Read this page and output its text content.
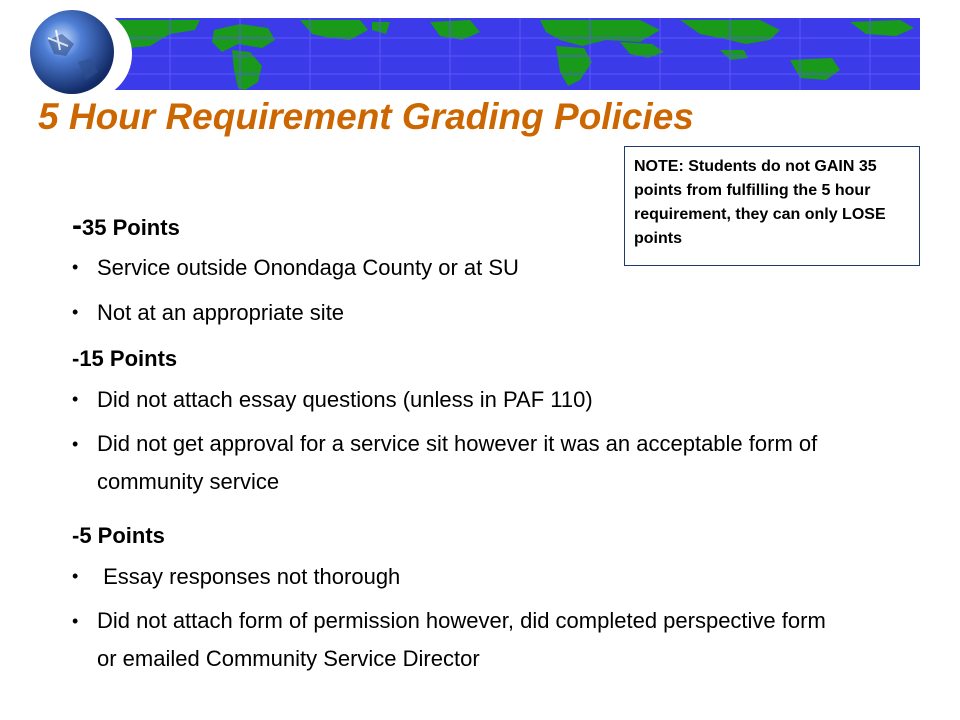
5 Hour Requirement Grading Policies
NOTE: Students do not GAIN 35 points from fulfilling the 5 hour requirement, they can only LOSE points

-35 Points

• Service outside Onondaga County or at SU

• Not at an appropriate site

-15 Points

• Did not attach essay questions (unless in PAF 110)

• Did not get approval for a service sit however it was an acceptable form of community service

-5 Points

• Essay responses not thorough

• Did not attach form of permission however, did completed perspective form or emailed Community Service Director
